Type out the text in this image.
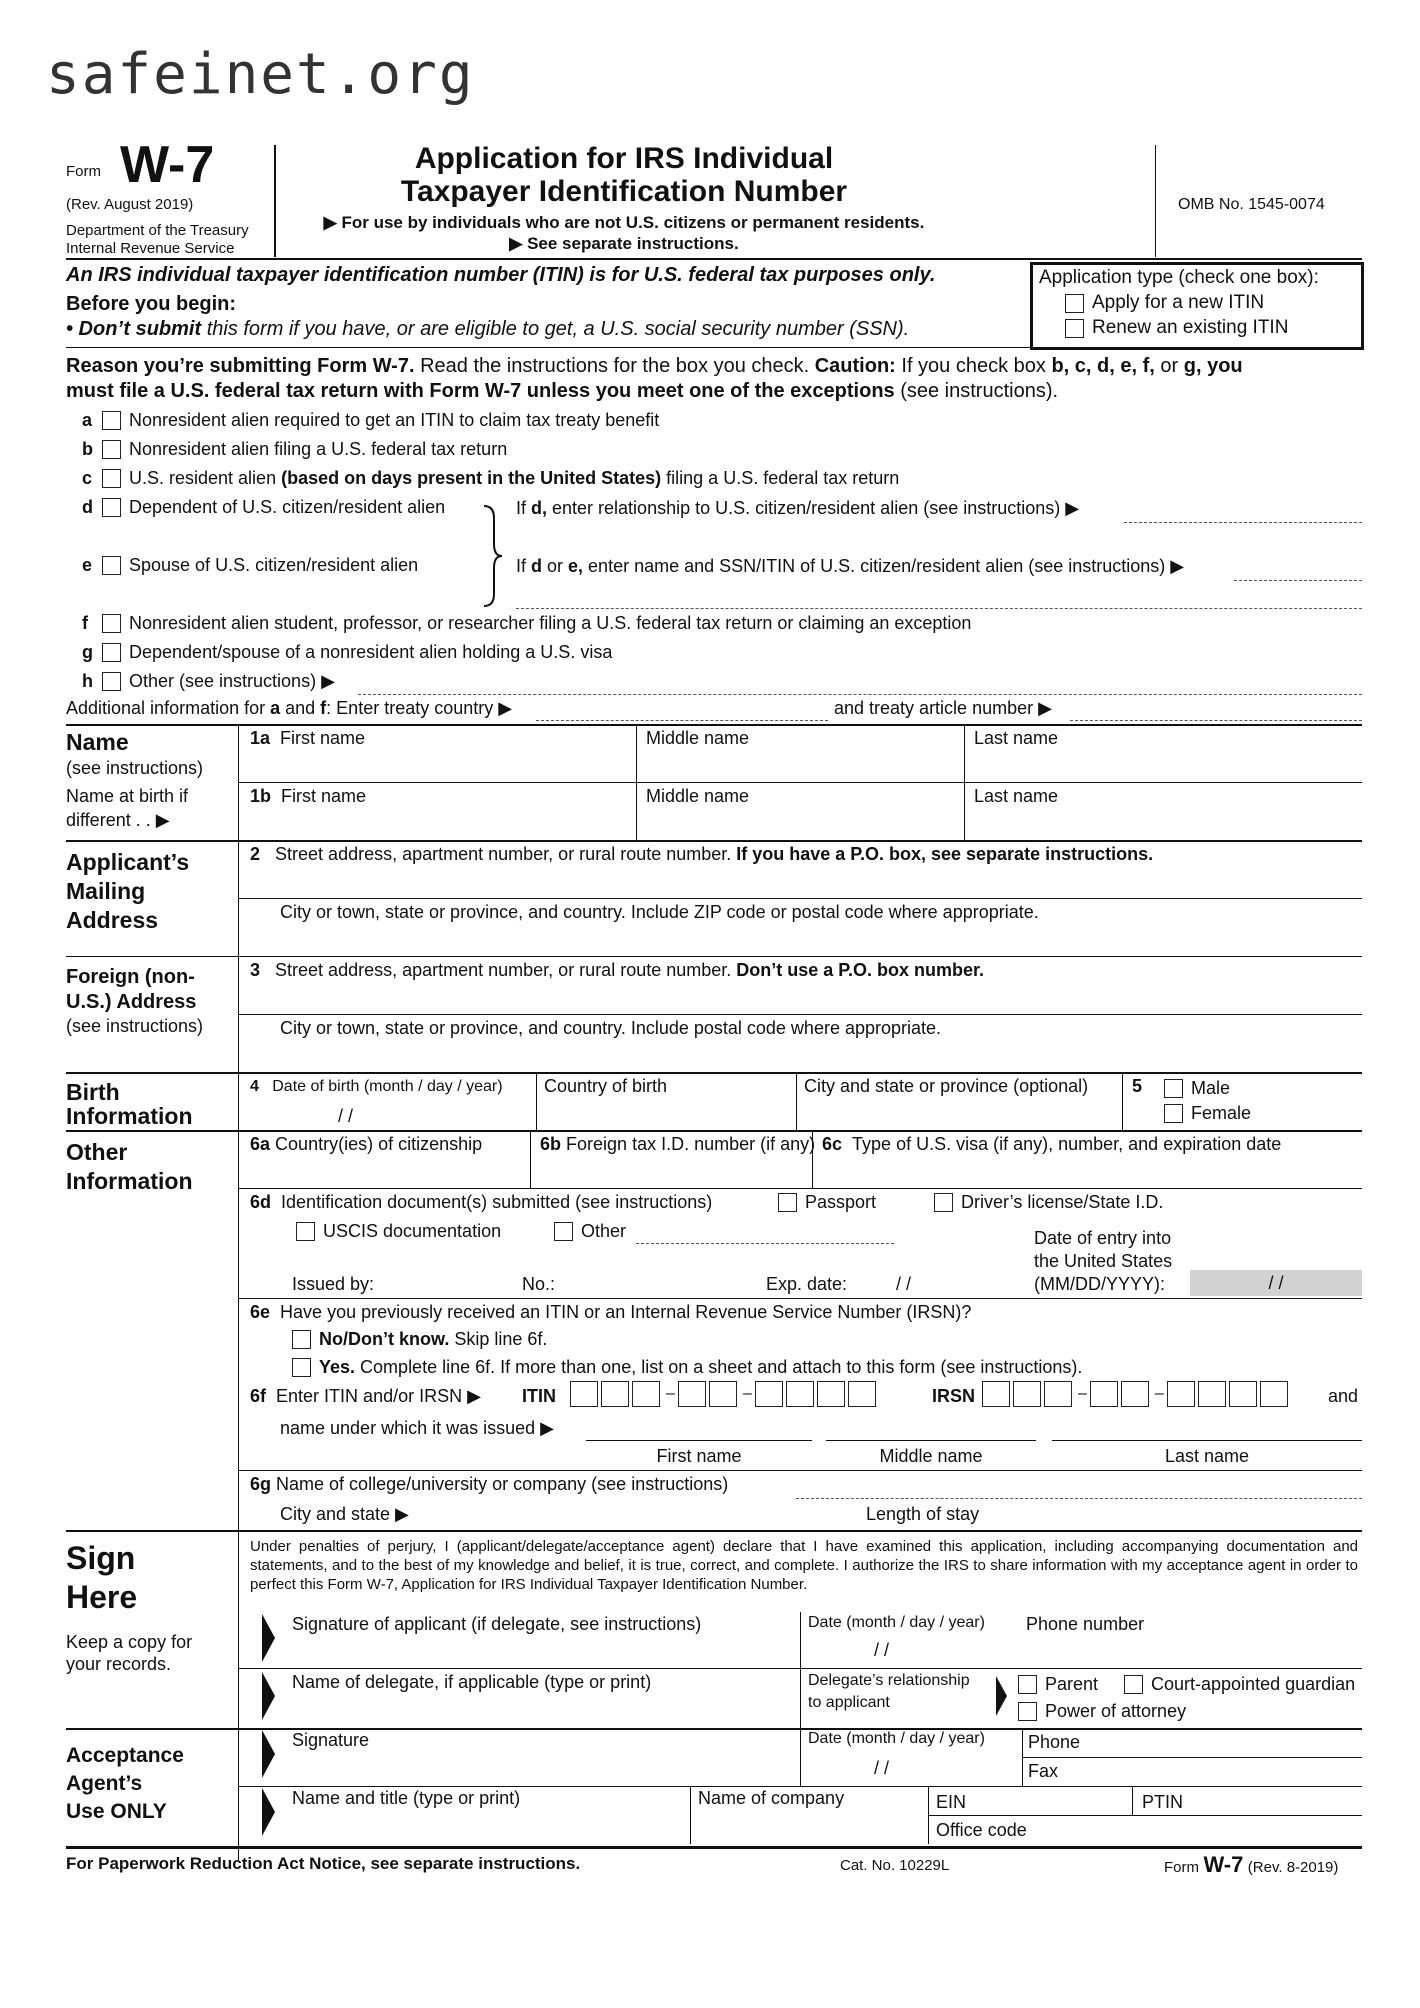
safeinet.org
Form W-7
(Rev. August 2019)
Department of the Treasury
Internal Revenue Service
Application for IRS Individual
Taxpayer Identification Number
▶ For use by individuals who are not U.S. citizens or permanent residents.
▶ See separate instructions.
OMB No. 1545-0074
An IRS individual taxpayer identification number (ITIN) is for U.S. federal tax purposes only.
Before you begin:
• Don’t submit this form if you have, or are eligible to get, a U.S. social security number (SSN).
Application type (check one box):
Apply for a new ITIN
Renew an existing ITIN
Reason you’re submitting Form W-7. Read the instructions for the box you check. Caution: If you check box b, c, d, e, f, or g, you
must file a U.S. federal tax return with Form W-7 unless you meet one of the exceptions (see instructions).
a Nonresident alien required to get an ITIN to claim tax treaty benefit
b Nonresident alien filing a U.S. federal tax return
c U.S. resident alien (based on days present in the United States) filing a U.S. federal tax return
d Dependent of U.S. citizen/resident alien
e Spouse of U.S. citizen/resident alien
If d, enter relationship to U.S. citizen/resident alien (see instructions) ▶
If d or e, enter name and SSN/ITIN of U.S. citizen/resident alien (see instructions) ▶
f	Nonresident alien student, professor, or researcher filing a U.S. federal tax return or claiming an exception
g Dependent/spouse of a nonresident alien holding a U.S. visa
h Other (see instructions) ▶
Additional information for a and f: Enter treaty country ▶	and treaty article number ▶
Name
(see instructions)
Name at birth if
different . . ▶
1a First name	Middle name	Last name
1b First name	Middle name	Last name
Applicant’s
Mailing
Address
2 Street address, apartment number, or rural route number. If you have a P.O. box, see separate instructions.
City or town, state or province, and country. Include ZIP code or postal code where appropriate.
Foreign (non-
U.S.) Address
(see instructions)
3 Street address, apartment number, or rural route number. Don’t use a P.O. box number.
City or town, state or province, and country. Include postal code where appropriate.
Birth
Information
4 Date of birth (month / day / year)
/ /
Country of birth	City and state or province (optional) 5	Male
Female
Other
Information
6a Country(ies) of citizenship	6b Foreign tax I.D. number (if any) 6c Type of U.S. visa (if any), number, and expiration date
6d Identification document(s) submitted (see instructions)	Passport	Driver’s license/State I.D.
USCIS documentation	Other	Date of entry into
the United States
(MM/DD/YYYY):	/ /
Issued by:	No.:	Exp. date:	/ /
6e Have you previously received an ITIN or an Internal Revenue Service Number (IRSN)?
No/Don’t know. Skip line 6f.
Yes. Complete line 6f. If more than one, list on a sheet and attach to this form (see instructions).
6f Enter ITIN and/or IRSN ▶ ITIN	–	–	IRSN	–	–	and
name under which it was issued ▶
First name	Middle name	Last name
6g Name of college/university or company (see instructions)
City and state ▶	Length of stay
Sign
Here
Keep a copy for
your records.
Under penalties of perjury, I (applicant/delegate/acceptance agent) declare that I have examined this application, including accompanying documentation and statements, and to the best of my knowledge and belief, it is true, correct, and complete. I authorize the IRS to share information with my acceptance agent in order to perfect this Form W-7, Application for IRS Individual Taxpayer Identification Number.
Signature of applicant (if delegate, see instructions)	Date (month / day / year)
/ /
Phone number
Name of delegate, if applicable (type or print)	Delegate’s relationship
to applicant
Parent	Court-appointed guardian
Power of attorney
Acceptance
Agent’s
Use ONLY
Signature	Date (month / day / year)
/ /
Phone
Fax
Name and title (type or print)	Name of company	EIN	PTIN
Office code
For Paperwork Reduction Act Notice, see separate instructions.	Cat. No. 10229L	Form W-7 (Rev. 8-2019)
